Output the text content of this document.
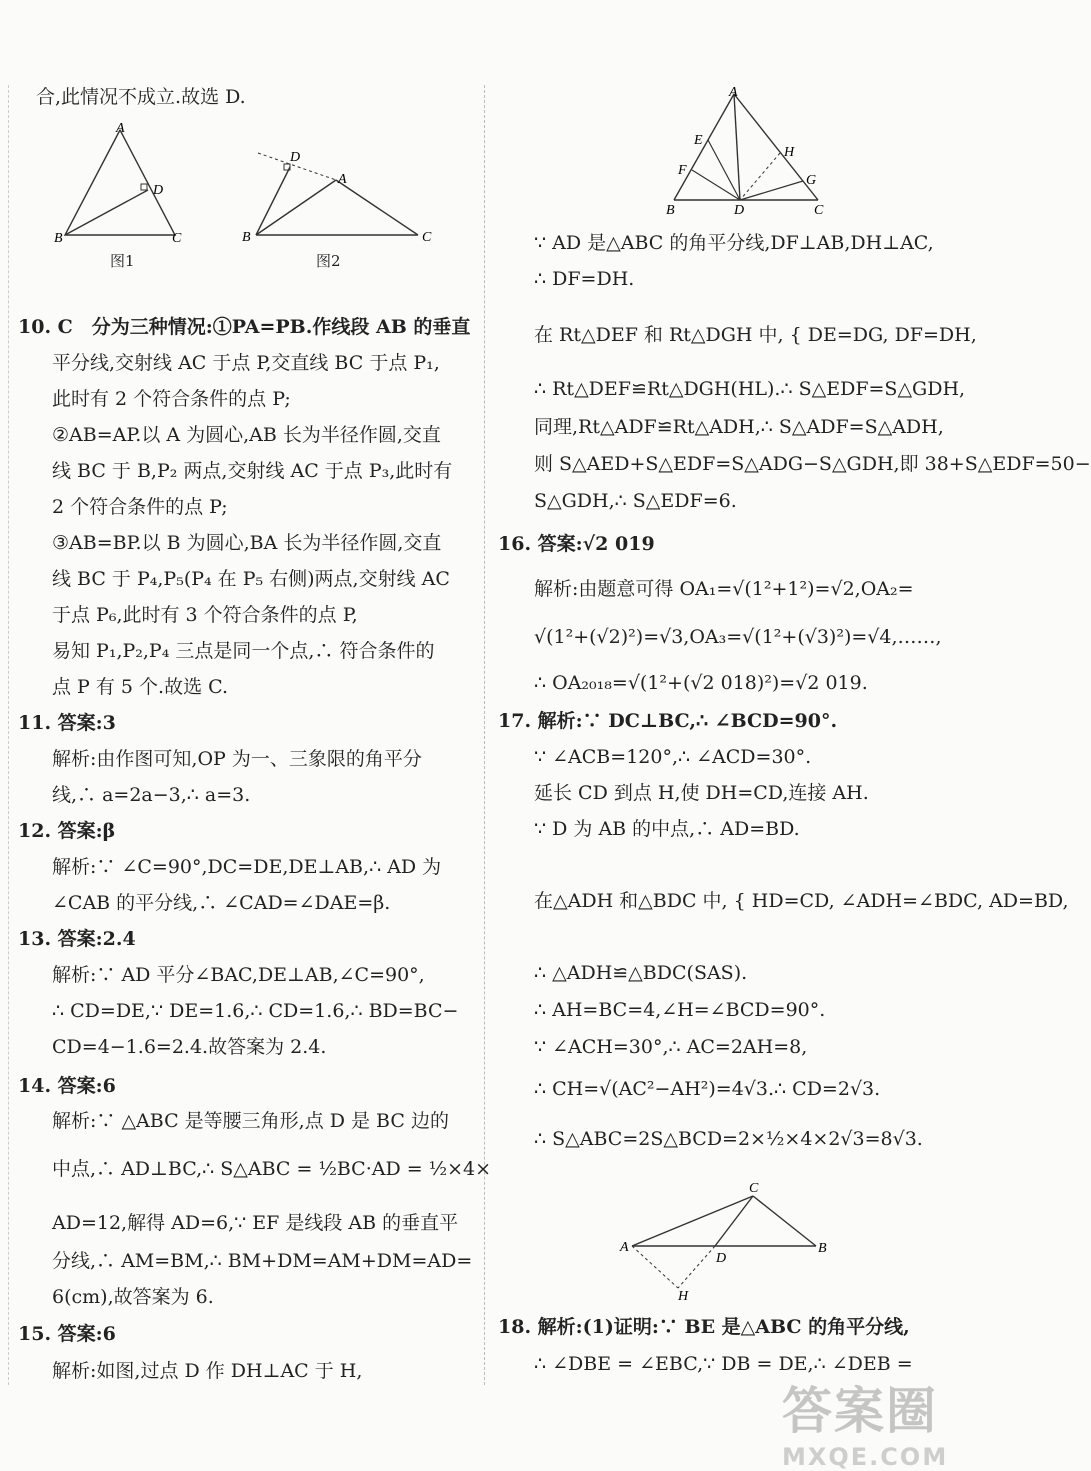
合,此情况不成立.故选 D.
A
B	C
D
图1
D
A
B	C
图2
10. C　分为三种情况:①PA=PB.作线段 AB 的垂直
平分线,交射线 AC 于点 P,交直线 BC 于点 P₁,
此时有 2 个符合条件的点 P;
②AB=AP.以 A 为圆心,AB 长为半径作圆,交直
线 BC 于 B,P₂ 两点,交射线 AC 于点 P₃,此时有
2 个符合条件的点 P;
③AB=BP.以 B 为圆心,BA 长为半径作圆,交直
线 BC 于 P₄,P₅(P₄ 在 P₅ 右侧)两点,交射线 AC
于点 P₆,此时有 3 个符合条件的点 P,
易知 P₁,P₂,P₄ 三点是同一个点,∴ 符合条件的
点 P 有 5 个.故选 C.
11. 答案:3
解析:由作图可知,OP 为一、三象限的角平分
线,∴ a=2a−3,∴ a=3.
12. 答案:β
解析:∵ ∠C=90°,DC=DE,DE⊥AB,∴ AD 为
∠CAB 的平分线,∴ ∠CAD=∠DAE=β.
13. 答案:2.4
解析:∵ AD 平分∠BAC,DE⊥AB,∠C=90°,
∴ CD=DE,∵ DE=1.6,∴ CD=1.6,∴ BD=BC−
CD=4−1.6=2.4.故答案为 2.4.
14. 答案:6
解析:∵ △ABC 是等腰三角形,点 D 是 BC 边的
中点,∴ AD⊥BC,∴ S△ABC = ½BC·AD = ½×4×
AD=12,解得 AD=6,∵ EF 是线段 AB 的垂直平
分线,∴ AM=BM,∴ BM+DM=AM+DM=AD=
6(cm),故答案为 6.
15. 答案:6
解析:如图,过点 D 作 DH⊥AC 于 H,
A
E
F
H
G
B	D	C
∵ AD 是△ABC 的角平分线,DF⊥AB,DH⊥AC,
∴ DF=DH.
在 Rt△DEF 和 Rt△DGH 中, { DE=DG, DF=DH,
∴ Rt△DEF≌Rt△DGH(HL).∴ S△EDF=S△GDH,
同理,Rt△ADF≌Rt△ADH,∴ S△ADF=S△ADH,
则 S△AED+S△EDF=S△ADG−S△GDH,即 38+S△EDF=50−
S△GDH,∴ S△EDF=6.
16. 答案:√2 019
解析:由题意可得 OA₁=√(1²+1²)=√2,OA₂=
√(1²+(√2)²)=√3,OA₃=√(1²+(√3)²)=√4,……,
∴ OA₂₀₁₈=√(1²+(√2 018)²)=√2 019.
17. 解析:∵ DC⊥BC,∴ ∠BCD=90°.
∵ ∠ACB=120°,∴ ∠ACD=30°.
延长 CD 到点 H,使 DH=CD,连接 AH.
∵ D 为 AB 的中点,∴ AD=BD.
在△ADH 和△BDC 中, { HD=CD, ∠ADH=∠BDC, AD=BD,
∴ △ADH≌△BDC(SAS).
∴ AH=BC=4,∠H=∠BCD=90°.
∵ ∠ACH=30°,∴ AC=2AH=8,
∴ CH=√(AC²−AH²)=4√3.∴ CD=2√3.
∴ S△ABC=2S△BCD=2×½×4×2√3=8√3.
C
A
D
B
H
18. 解析:(1)证明:∵ BE 是△ABC 的角平分线,
∴ ∠DBE = ∠EBC,∵ DB = DE,∴ ∠DEB =
答案圈
MXQE.COM
